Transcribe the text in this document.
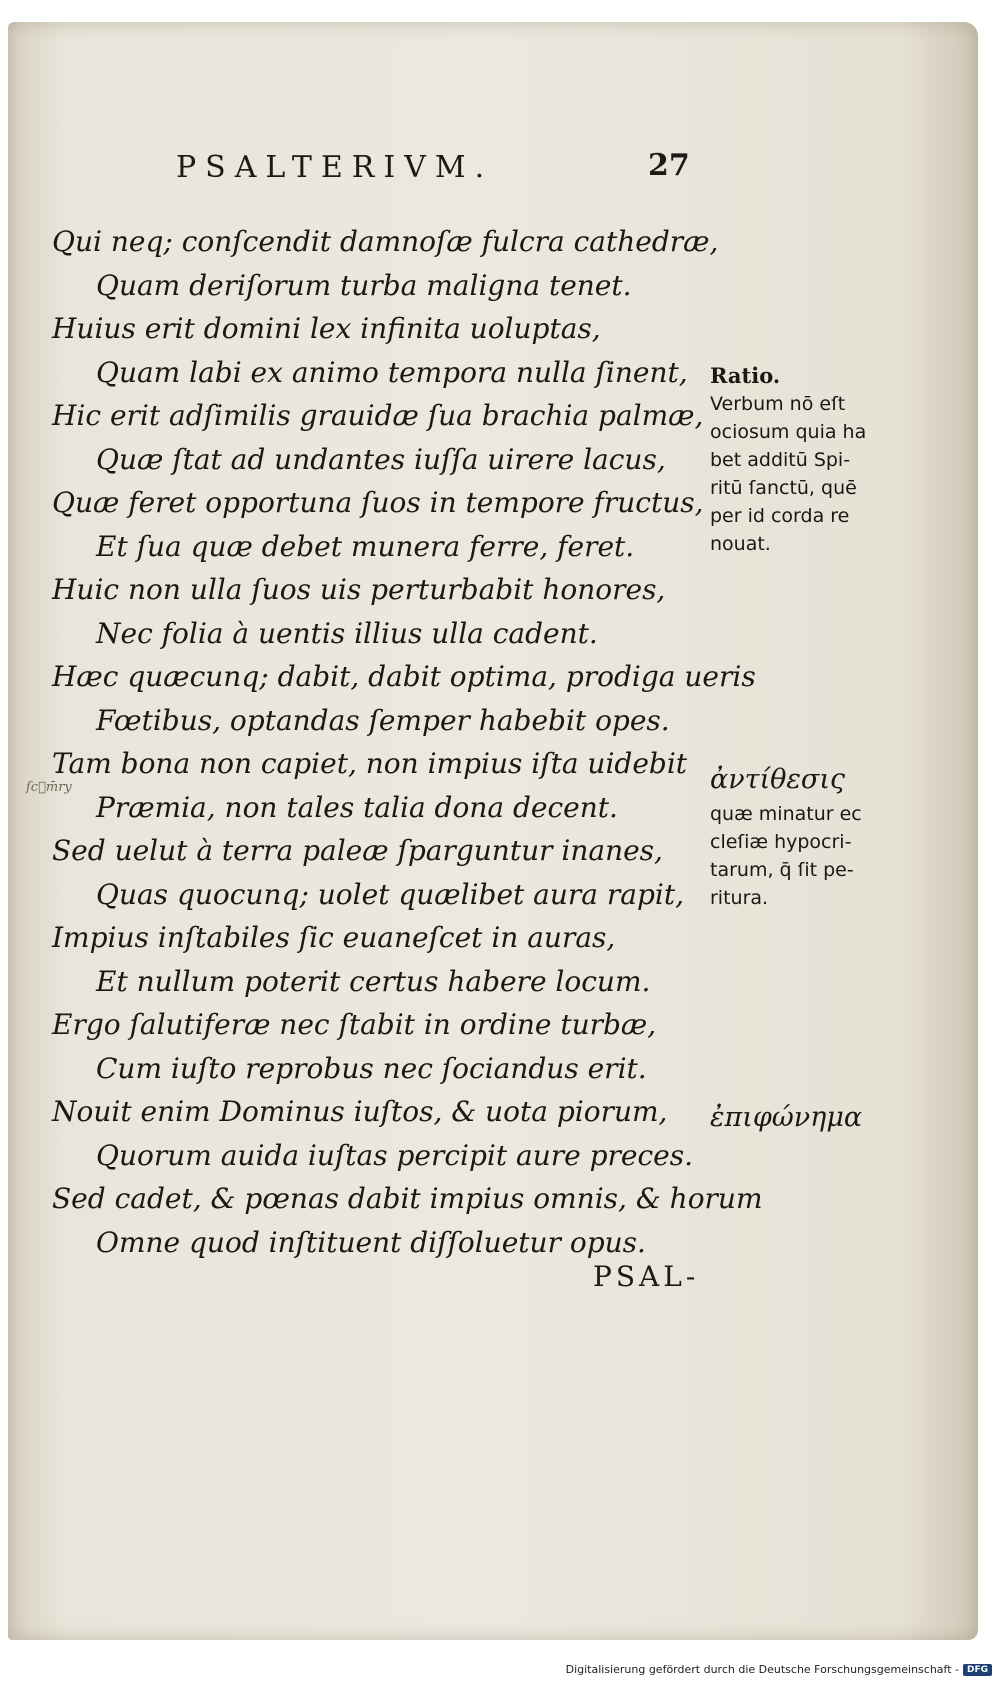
PSALTERIVM.	27
Qui neq; conſcendit damnoſæ fulcra cathedræ,
Quam deriſorum turba maligna tenet.
Huius erit domini lex infinita uoluptas,
Quam labi ex animo tempora nulla ſinent,
Hic erit adſimilis grauidæ ſua brachia palmæ,
Quæ ſtat ad undantes iuſſa uirere lacus,
Quæ feret opportuna ſuos in tempore fructus,
Et ſua quæ debet munera ferre, feret.
Huic non ulla ſuos uis perturbabit honores,
Nec folia à uentis illius ulla cadent.
Hæc quæcunq; dabit, dabit optima, prodiga ueris
Fœtibus, optandas ſemper habebit opes.
Tam bona non capiet, non impius iſta uidebit
Præmia, non tales talia dona decent.
Sed uelut à terra paleæ ſparguntur inanes,
Quas quocunq; uolet quælibet aura rapit,
Impius inſtabiles ſic euaneſcet in auras,
Et nullum poterit certus habere locum.
Ergo ſalutiferæ nec ſtabit in ordine turbæ,
Cum iuſto reprobus nec ſociandus erit.
Nouit enim Dominus iuſtos, & uota piorum,
Quorum auida iuſtas percipit aure preces.
Sed cadet, & pœnas dabit impius omnis, & horum
Omne quod inſtituent diſſoluetur opus.
PSAL-
Ratio.
Verbum nō eſt
ociosum quia ha
bet additū Spi-
ritū ſanctū, quē
per id corda re
nouat.
ἀντίθεσις
quæ minatur ec
cleſiæ hypocri-
tarum, q̄ ſit pe-
ritura.
ἐπιφώνημα
ſc᷑m̄ry
Digitalisierung gefördert durch die Deutsche Forschungsgemeinschaft - DFG
